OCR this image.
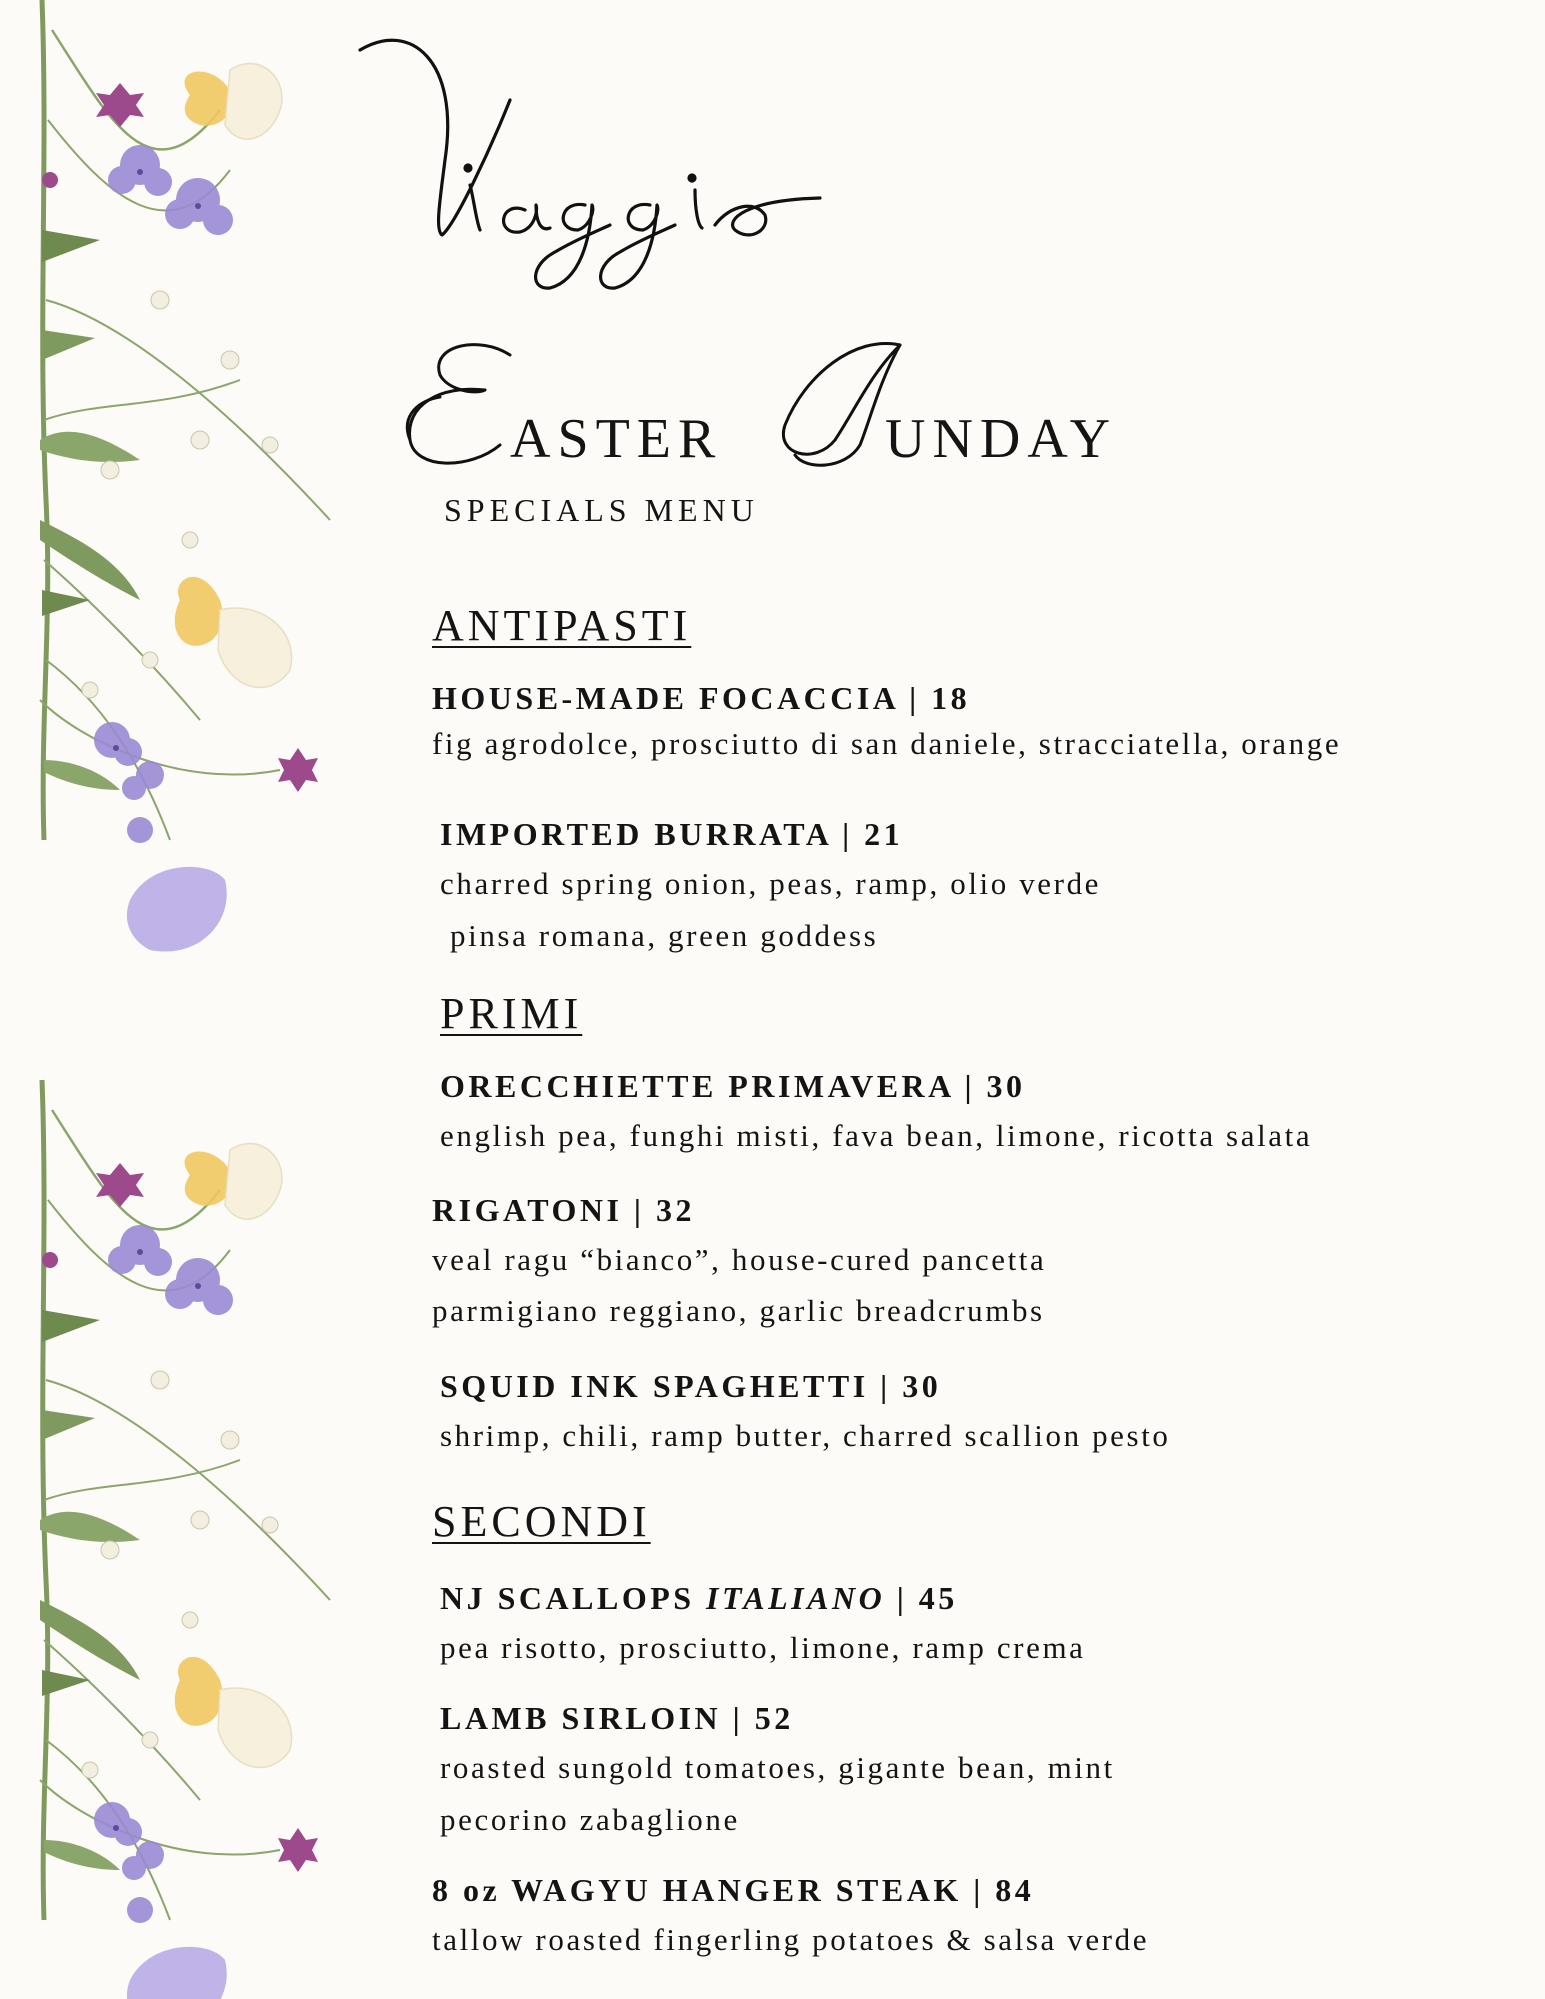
ASTER	UNDAY
SPECIALS MENU
ANTIPASTI
HOUSE-MADE FOCACCIA | 18
fig agrodolce, prosciutto di san daniele, stracciatella, orange
IMPORTED BURRATA | 21
charred spring onion, peas, ramp, olio verde
pinsa romana, green goddess
PRIMI
ORECCHIETTE PRIMAVERA | 30
english pea, funghi misti, fava bean, limone, ricotta salata
RIGATONI | 32
veal ragu “bianco”, house-cured pancetta
parmigiano reggiano, garlic breadcrumbs
SQUID INK SPAGHETTI | 30
shrimp, chili, ramp butter, charred scallion pesto
SECONDI
NJ SCALLOPS ITALIANO | 45
pea risotto, prosciutto, limone, ramp crema
LAMB SIRLOIN | 52
roasted sungold tomatoes, gigante bean, mint
pecorino zabaglione
8 oz WAGYU HANGER STEAK | 84
tallow roasted fingerling potatoes & salsa verde
